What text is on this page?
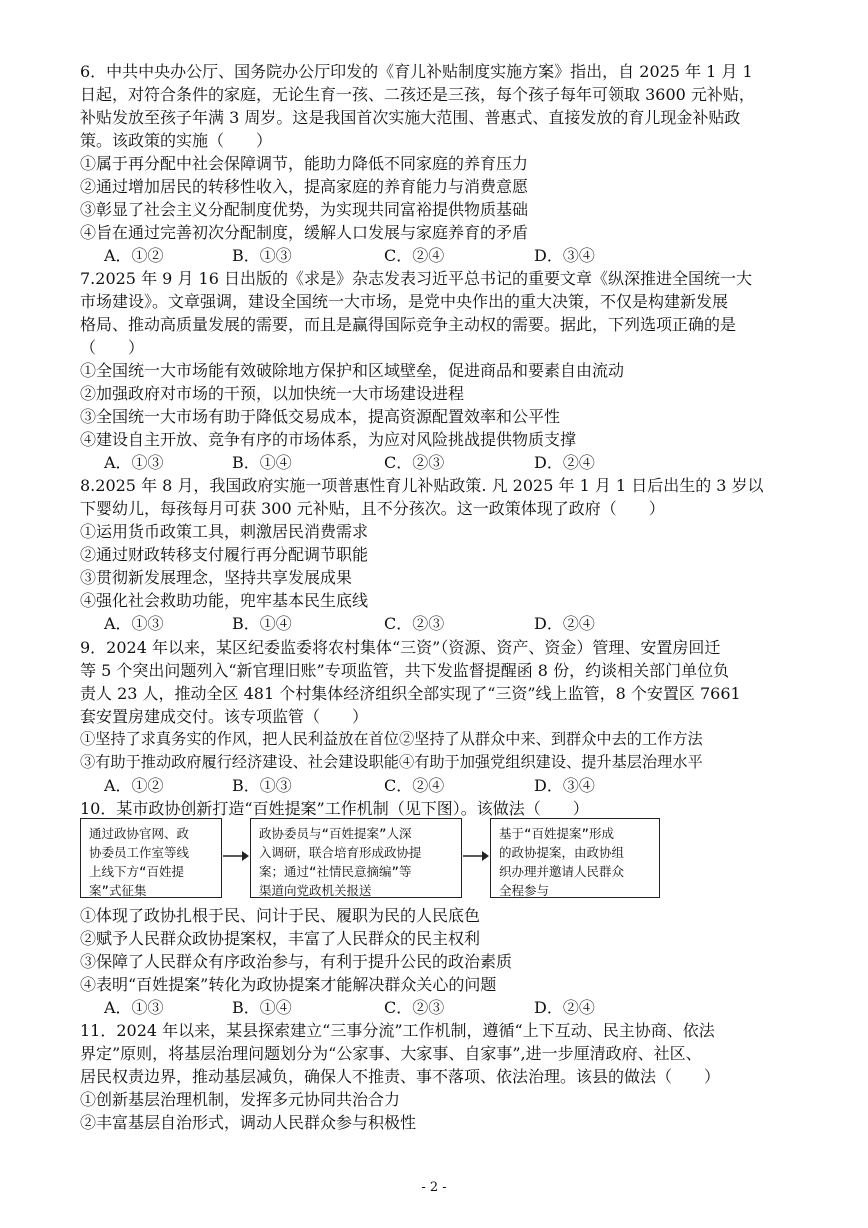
6．中共中央办公厅、国务院办公厅印发的《育儿补贴制度实施方案》指出，自 2025 年 1 月 1
日起，对符合条件的家庭，无论生育一孩、二孩还是三孩，每个孩子每年可领取 3600 元补贴，
补贴发放至孩子年满 3 周岁。这是我国首次实施大范围、普惠式、直接发放的育儿现金补贴政
策。该政策的实施（　　）
①属于再分配中社会保障调节，能助力降低不同家庭的养育压力
②通过增加居民的转移性收入，提高家庭的养育能力与消费意愿
③彰显了社会主义分配制度优势，为实现共同富裕提供物质基础
④旨在通过完善初次分配制度，缓解人口发展与家庭养育的矛盾
A．①②	B．①③	C．②④	D．③④
7.2025 年 9 月 16 日出版的《求是》杂志发表习近平总书记的重要文章《纵深推进全国统一大
市场建设》。文章强调，建设全国统一大市场，是党中央作出的重大决策，不仅是构建新发展
格局、推动高质量发展的需要，而且是赢得国际竞争主动权的需要。据此，下列选项正确的是
（　　）
①全国统一大市场能有效破除地方保护和区域壁垒，促进商品和要素自由流动
②加强政府对市场的干预，以加快统一大市场建设进程
③全国统一大市场有助于降低交易成本，提高资源配置效率和公平性
④建设自主开放、竞争有序的市场体系，为应对风险挑战提供物质支撑
A．①③	B．①④	C．②③	D．②④
8.2025 年 8 月，我国政府实施一项普惠性育儿补贴政策. 凡 2025 年 1 月 1 日后出生的 3 岁以
下婴幼儿，每孩每月可获 300 元补贴，且不分孩次。这一政策体现了政府（　　）
①运用货币政策工具，刺激居民消费需求
②通过财政转移支付履行再分配调节职能
③贯彻新发展理念，坚持共享发展成果
④强化社会救助功能，兜牢基本民生底线
A．①③	B．①④	C．②③	D．②④
9．2024 年以来，某区纪委监委将农村集体“三资”（资源、资产、资金）管理、安置房回迁
等 5 个突出问题列入“新官理旧账”专项监管，共下发监督提醒函 8 份，约谈相关部门单位负
责人 23 人，推动全区 481 个村集体经济组织全部实现了“三资”线上监管，8 个安置区 7661
套安置房建成交付。该专项监管（　　）
①坚持了求真务实的作风，把人民利益放在首位②坚持了从群众中来、到群众中去的工作方法
③有助于推动政府履行经济建设、社会建设职能④有助于加强党组织建设、提升基层治理水平
A．①②	B．①③	C．②④	D．③④
10．某市政协创新打造“百姓提案”工作机制（见下图）。该做法（　　）
通过政协官网、政
协委员工作室等线
上线下方“百姓提
案”式征集
政协委员与“百姓提案”人深
入调研，联合培育形成政协提
案；通过“社情民意摘编”等
渠道向党政机关报送
基于“百姓提案”形成
的政协提案，由政协组
织办理并邀请人民群众
全程参与
①体现了政协扎根于民、问计于民、履职为民的人民底色
②赋予人民群众政协提案权，丰富了人民群众的民主权利
③保障了人民群众有序政治参与，有利于提升公民的政治素质
④表明“百姓提案”转化为政协提案才能解决群众关心的问题
A．①③	B．①④	C．②③	D．②④
11．2024 年以来，某县探索建立“三事分流”工作机制，遵循“上下互动、民主协商、依法
界定”原则，将基层治理问题划分为“公家事、大家事、自家事”,进一步厘清政府、社区、
居民权责边界，推动基层减负，确保人不推责、事不落项、依法治理。该县的做法（　　）
①创新基层治理机制，发挥多元协同共治合力
②丰富基层自治形式，调动人民群众参与积极性
- 2 -
